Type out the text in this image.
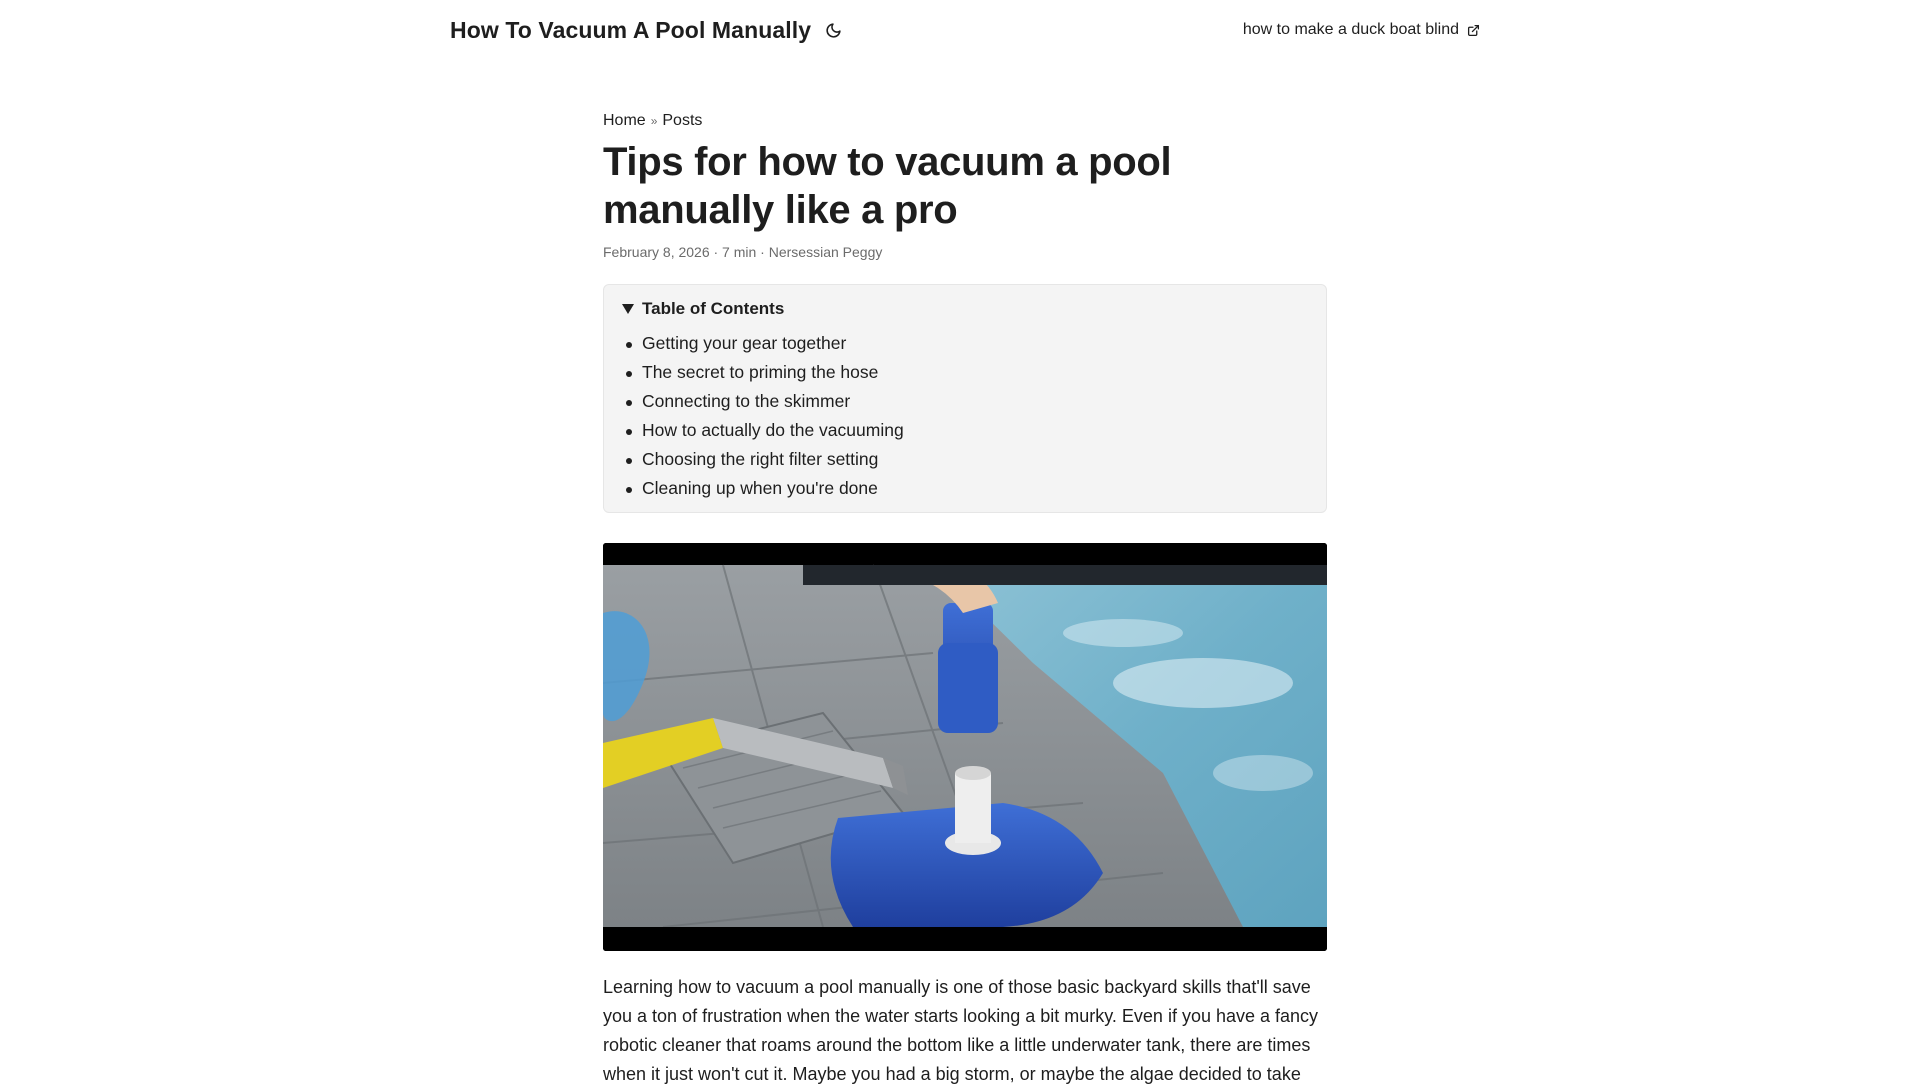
How To Vacuum A Pool Manually	how to make a duck boat blind
Home » Posts
Tips for how to vacuum a pool manually like a pro
February 8, 2026 · 7 min · Nersessian Peggy
Table of Contents
Getting your gear together
The secret to priming the hose
Connecting to the skimmer
How to actually do the vacuuming
Choosing the right filter setting
Cleaning up when you're done

Learning how to vacuum a pool manually is one of those basic backyard skills that'll save you a ton of frustration when the water starts looking a bit murky. Even if you have a fancy robotic cleaner that roams around the bottom like a little underwater tank, there are times when it just won't cut it. Maybe you had a big storm, or maybe the algae decided to take
